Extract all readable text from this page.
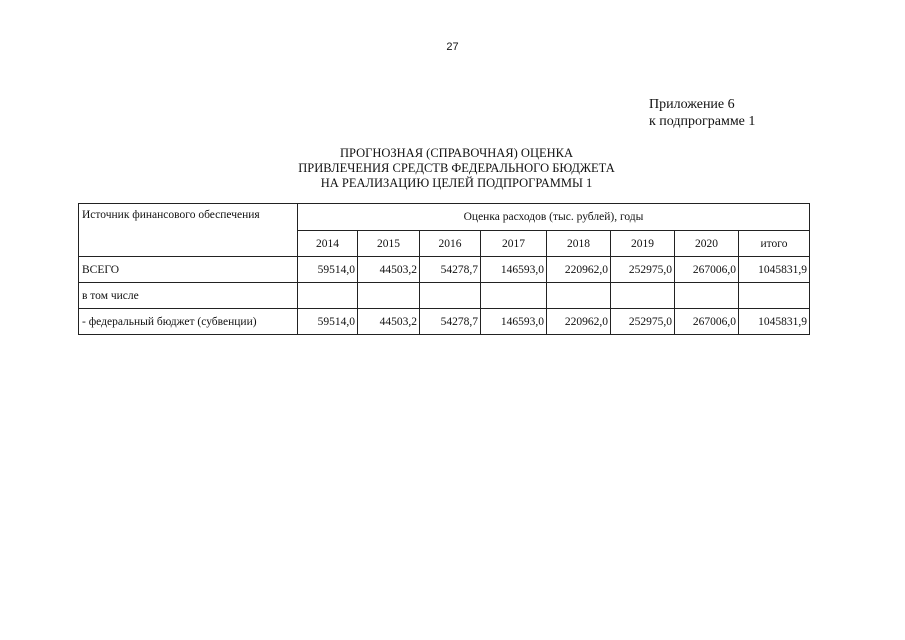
27
Приложение 6
к подпрограмме 1
ПРОГНОЗНАЯ (СПРАВОЧНАЯ) ОЦЕНКА
ПРИВЛЕЧЕНИЯ СРЕДСТВ ФЕДЕРАЛЬНОГО БЮДЖЕТА
НА РЕАЛИЗАЦИЮ ЦЕЛЕЙ ПОДПРОГРАММЫ 1
Источник финансового обеспечения	Оценка расходов (тыс. рублей), годы							
	2014	2015	2016	2017	2018	2019	2020	итого
ВСЕГО	59514,0	44503,2	54278,7	146593,0	220962,0	252975,0	267006,0	1045831,9
в том числе								
- федеральный бюджет (субвенции)	59514,0	44503,2	54278,7	146593,0	220962,0	252975,0	267006,0	1045831,9
